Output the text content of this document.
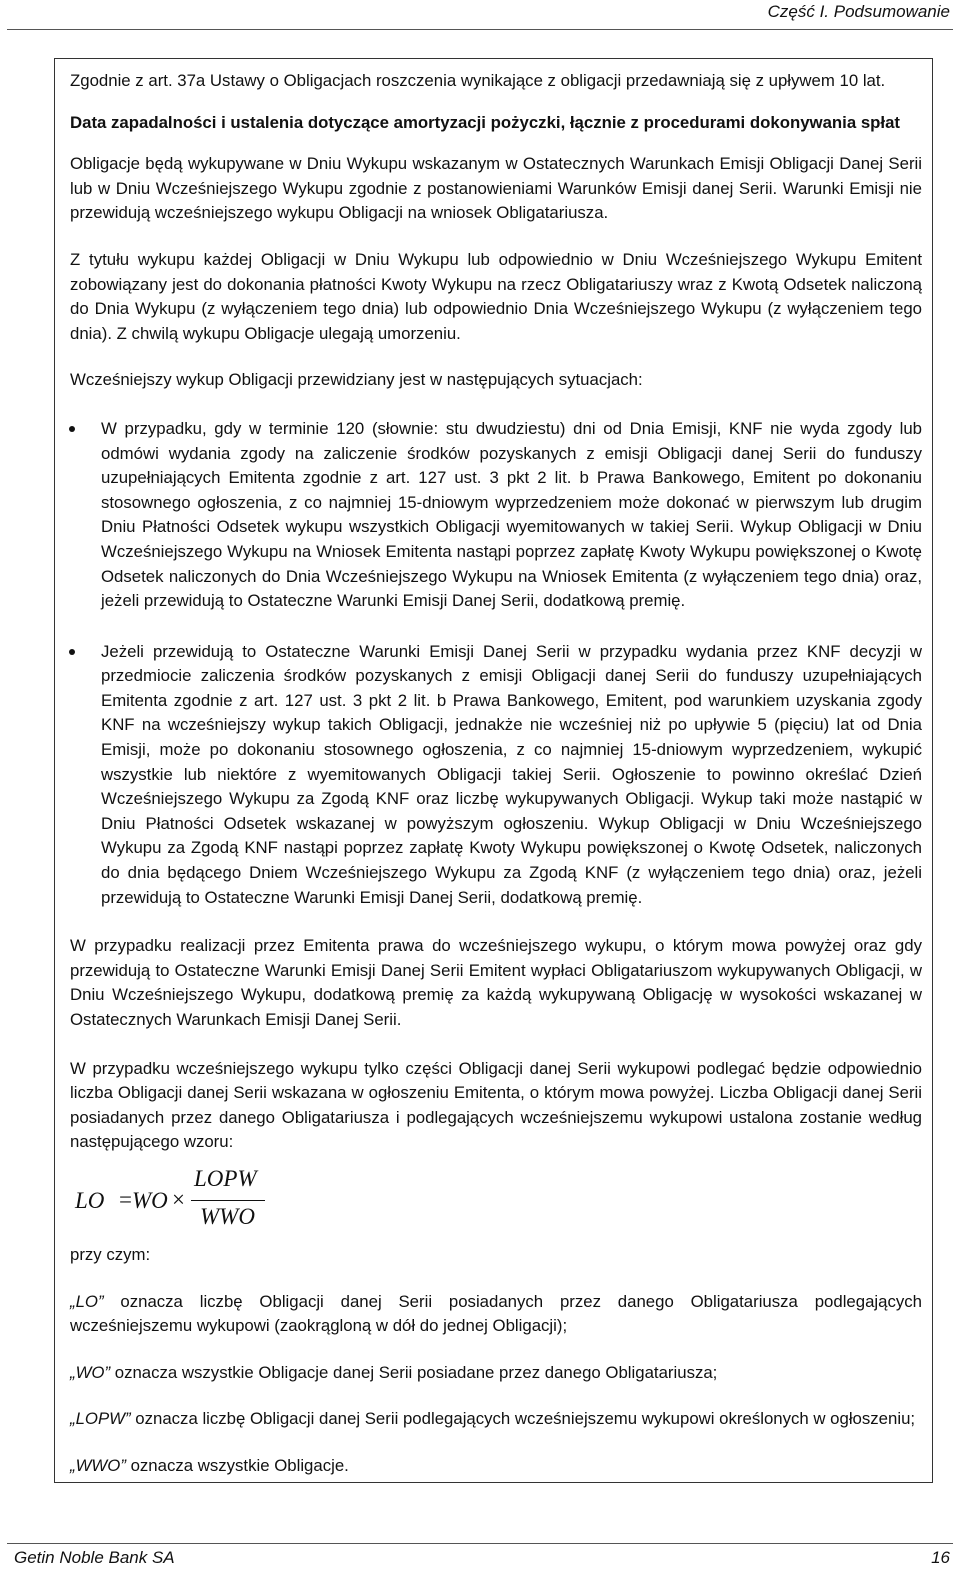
Część I. Podsumowanie

Zgodnie z art. 37a Ustawy o Obligacjach roszczenia wynikające z obligacji przedawniają się z upływem 10 lat.

Data zapadalności i ustalenia dotyczące amortyzacji pożyczki, łącznie z procedurami dokonywania spłat

Obligacje będą wykupywane w Dniu Wykupu wskazanym w Ostatecznych Warunkach Emisji Obligacji Danej Serii lub w Dniu Wcześniejszego Wykupu zgodnie z postanowieniami Warunków Emisji danej Serii. Warunki Emisji nie przewidują wcześniejszego wykupu Obligacji na wniosek Obligatariusza.

Z tytułu wykupu każdej Obligacji w Dniu Wykupu lub odpowiednio w Dniu Wcześniejszego Wykupu Emitent zobowiązany jest do dokonania płatności Kwoty Wykupu na rzecz Obligatariuszy wraz z Kwotą Odsetek naliczoną do Dnia Wykupu (z wyłączeniem tego dnia) lub odpowiednio Dnia Wcześniejszego Wykupu (z wyłączeniem tego dnia). Z chwilą wykupu Obligacje ulegają umorzeniu.

Wcześniejszy wykup Obligacji przewidziany jest w następujących sytuacjach:

W przypadku, gdy w terminie 120 (słownie: stu dwudziestu) dni od Dnia Emisji, KNF nie wyda zgody lub odmówi wydania zgody na zaliczenie środków pozyskanych z emisji Obligacji danej Serii do funduszy uzupełniających Emitenta zgodnie z art. 127 ust. 3 pkt 2 lit. b Prawa Bankowego, Emitent po dokonaniu stosownego ogłoszenia, z co najmniej 15-dniowym wyprzedzeniem może dokonać w pierwszym lub drugim Dniu Płatności Odsetek wykupu wszystkich Obligacji wyemitowanych w takiej Serii. Wykup Obligacji w Dniu Wcześniejszego Wykupu na Wniosek Emitenta nastąpi poprzez zapłatę Kwoty Wykupu powiększonej o Kwotę Odsetek naliczonych do Dnia Wcześniejszego Wykupu na Wniosek Emitenta (z wyłączeniem tego dnia) oraz, jeżeli przewidują to Ostateczne Warunki Emisji Danej Serii, dodatkową premię.
Jeżeli przewidują to Ostateczne Warunki Emisji Danej Serii w przypadku wydania przez KNF decyzji w przedmiocie zaliczenia środków pozyskanych z emisji Obligacji danej Serii do funduszy uzupełniających Emitenta zgodnie z art. 127 ust. 3 pkt 2 lit. b Prawa Bankowego, Emitent, pod warunkiem uzyskania zgody KNF na wcześniejszy wykup takich Obligacji, jednakże nie wcześniej niż po upływie 5 (pięciu) lat od Dnia Emisji, może po dokonaniu stosownego ogłoszenia, z co najmniej 15-dniowym wyprzedzeniem, wykupić wszystkie lub niektóre z wyemitowanych Obligacji takiej Serii. Ogłoszenie to powinno określać Dzień Wcześniejszego Wykupu za Zgodą KNF oraz liczbę wykupywanych Obligacji. Wykup taki może nastąpić w Dniu Płatności Odsetek wskazanej w powyższym ogłoszeniu. Wykup Obligacji w Dniu Wcześniejszego Wykupu za Zgodą KNF nastąpi poprzez zapłatę Kwoty Wykupu powiększonej o Kwotę Odsetek, naliczonych do dnia będącego Dniem Wcześniejszego Wykupu za Zgodą KNF (z wyłączeniem tego dnia) oraz, jeżeli przewidują to Ostateczne Warunki Emisji Danej Serii, dodatkową premię.

W przypadku realizacji przez Emitenta prawa do wcześniejszego wykupu, o którym mowa powyżej oraz gdy przewidują to Ostateczne Warunki Emisji Danej Serii Emitent wypłaci Obligatariuszom wykupywanych Obligacji, w Dniu Wcześniejszego Wykupu, dodatkową premię za każdą wykupywaną Obligację w wysokości wskazanej w Ostatecznych Warunkach Emisji Danej Serii.

W przypadku wcześniejszego wykupu tylko części Obligacji danej Serii wykupowi podlegać będzie odpowiednio liczba Obligacji danej Serii wskazana w ogłoszeniu Emitenta, o którym mowa powyżej. Liczba Obligacji danej Serii posiadanych przez danego Obligatariusza i podlegających wcześniejszemu wykupowi ustalona zostanie według następującego wzoru:

LO = WO ×
LOPW
WWO

przy czym:

„LO” oznacza liczbę Obligacji danej Serii posiadanych przez danego Obligatariusza podlegających wcześniejszemu wykupowi (zaokrągloną w dół do jednej Obligacji);

„WO” oznacza wszystkie Obligacje danej Serii posiadane przez danego Obligatariusza;

„LOPW” oznacza liczbę Obligacji danej Serii podlegających wcześniejszemu wykupowi określonych w ogłoszeniu;

„WWO” oznacza wszystkie Obligacje.

Getin Noble Bank SA	16
